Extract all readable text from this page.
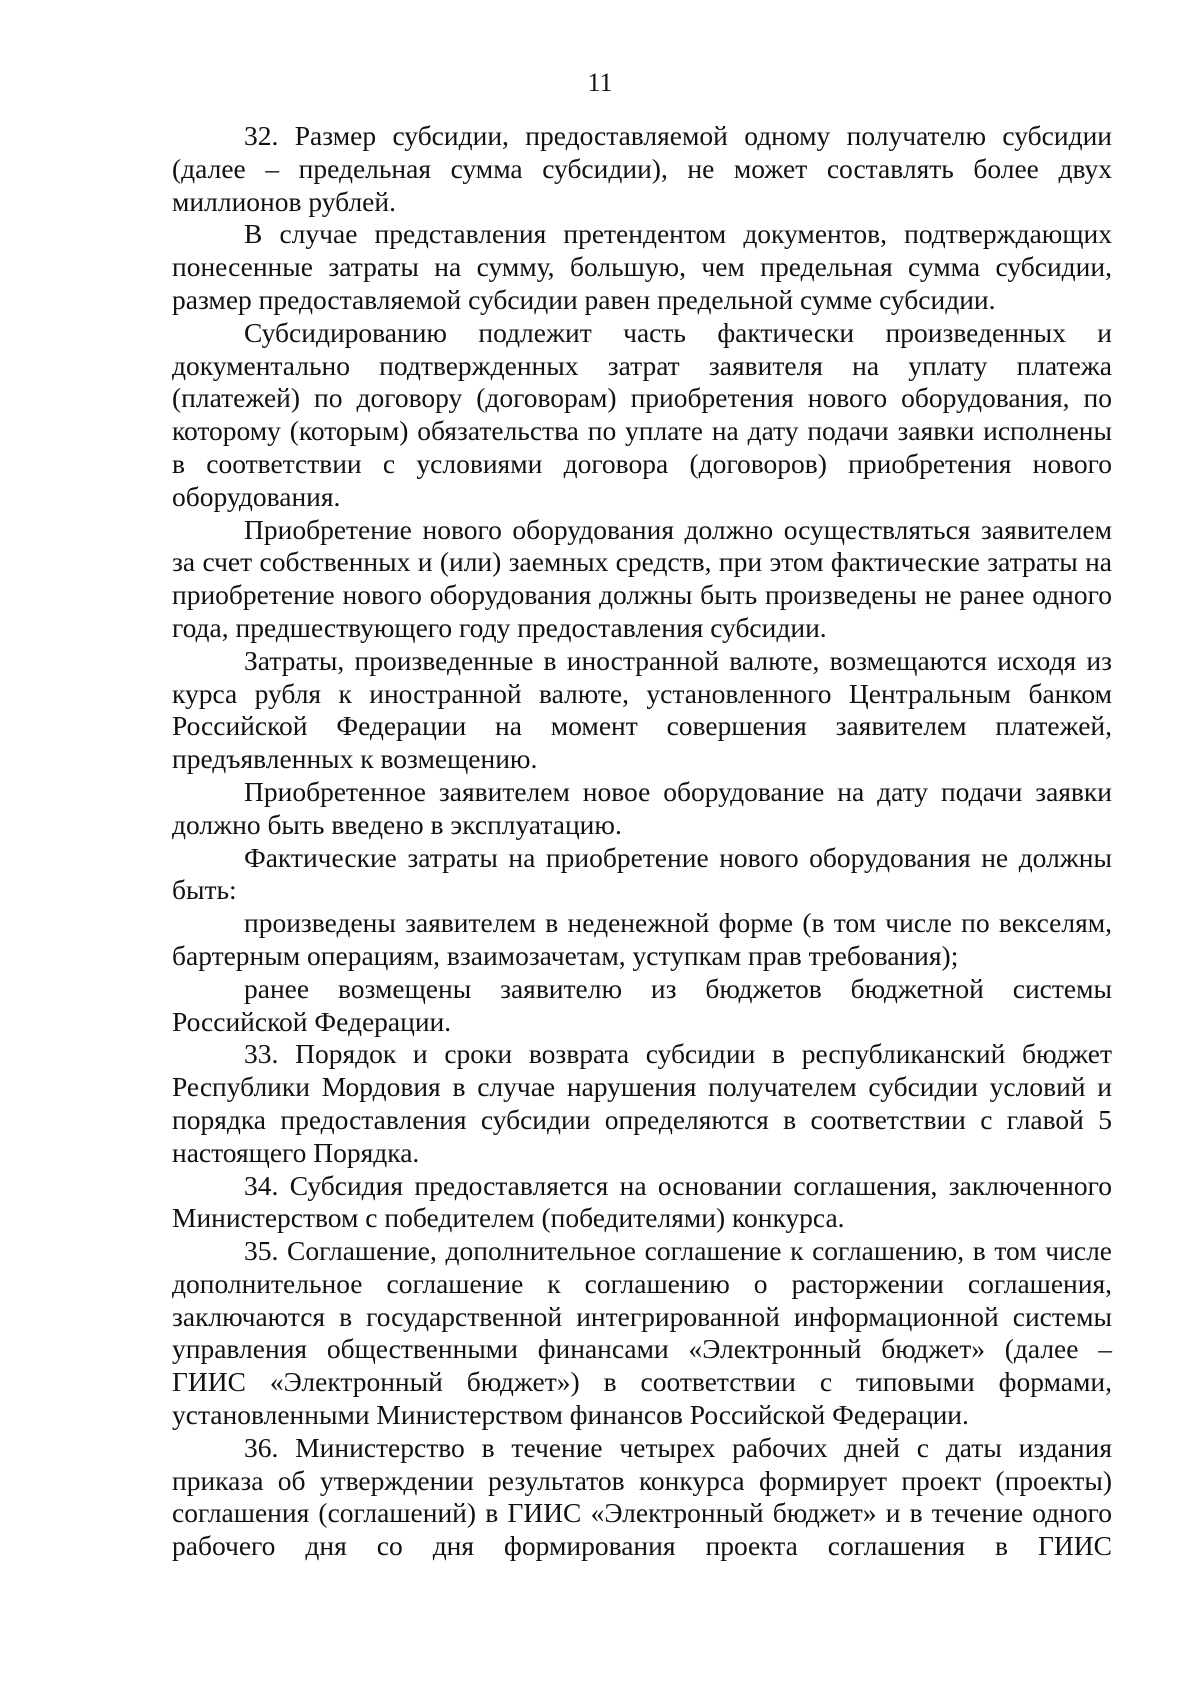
11

32. Размер субсидии, предоставляемой одному получателю субсидии (далее – предельная сумма субсидии), не может составлять более двух миллионов рублей.

В случае представления претендентом документов, подтверждающих понесенные затраты на сумму, большую, чем предельная сумма субсидии, размер предоставляемой субсидии равен предельной сумме субсидии.

Субсидированию подлежит часть фактически произведенных и документально подтвержденных затрат заявителя на уплату платежа (платежей) по договору (договорам) приобретения нового оборудования, по которому (которым) обязательства по уплате на дату подачи заявки исполнены в соответствии с условиями договора (договоров) приобретения нового оборудования.

Приобретение нового оборудования должно осуществляться заявителем за счет собственных и (или) заемных средств, при этом фактические затраты на приобретение нового оборудования должны быть произведены не ранее одного года, предшествующего году предоставления субсидии.

Затраты, произведенные в иностранной валюте, возмещаются исходя из курса рубля к иностранной валюте, установленного Центральным банком Российской Федерации на момент совершения заявителем платежей, предъявленных к возмещению.

Приобретенное заявителем новое оборудование на дату подачи заявки должно быть введено в эксплуатацию.

Фактические затраты на приобретение нового оборудования не должны быть:

произведены заявителем в неденежной форме (в том числе по векселям, бартерным операциям, взаимозачетам, уступкам прав требования);

ранее возмещены заявителю из бюджетов бюджетной системы Российской Федерации.

33. Порядок и сроки возврата субсидии в республиканский бюджет Республики Мордовия в случае нарушения получателем субсидии условий и порядка предоставления субсидии определяются в соответствии с главой 5 настоящего Порядка.

34. Субсидия предоставляется на основании соглашения, заключенного Министерством с победителем (победителями) конкурса.

35. Соглашение, дополнительное соглашение к соглашению, в том числе дополнительное соглашение к соглашению о расторжении соглашения, заключаются в государственной интегрированной информационной системы управления общественными финансами «Электронный бюджет» (далее – ГИИС «Электронный бюджет») в соответствии с типовыми формами, установленными Министерством финансов Российской Федерации.

36. Министерство в течение четырех рабочих дней с даты издания приказа об утверждении результатов конкурса формирует проект (проекты) соглашения (соглашений) в ГИИС «Электронный бюджет» и в течение одного рабочего дня со дня формирования проекта соглашения в ГИИС
